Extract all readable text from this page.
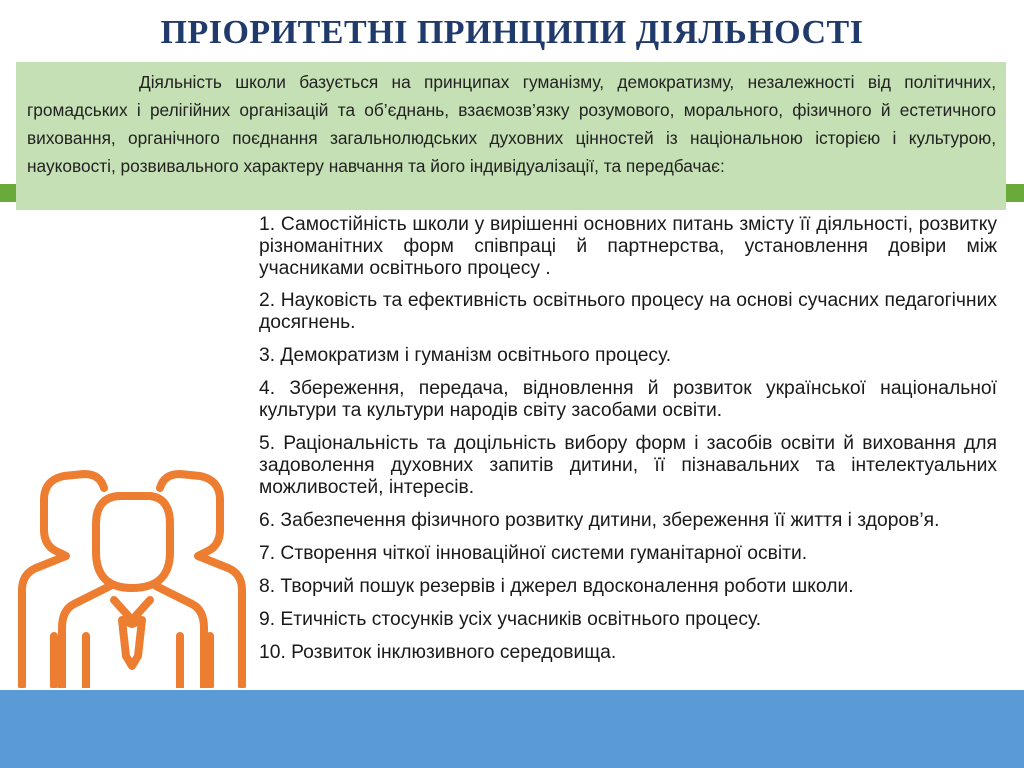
ПРІОРИТЕТНІ ПРИНЦИПИ ДІЯЛЬНОСТІ
Діяльність школи базується на принципах гуманізму, демократизму, незалежності від політичних, громадських і релігійних організацій та об’єднань, взаємозв’язку розумового, морального, фізичного й естетичного виховання, органічного поєднання загальнолюдських духовних цінностей із національною історією і культурою, науковості, розвивального характеру навчання та його індивідуалізації, та передбачає:
1. Самостійність школи у вирішенні основних питань змісту її діяльності, розвитку різноманітних форм співпраці й партнерства, установлення довіри між учасниками освітнього процесу .
2. Науковість та ефективність освітнього процесу на основі сучасних педагогічних досягнень.
3. Демократизм і гуманізм освітнього процесу.
4. Збереження, передача, відновлення й розвиток української національної культури та культури народів світу засобами освіти.
5. Раціональність та доцільність вибору форм і засобів освіти й виховання для задоволення духовних запитів дитини, її пізнавальних та інтелектуальних можливостей, інтересів.
6. Забезпечення фізичного розвитку дитини, збереження її життя і здоров’я.
7. Створення чіткої інноваційної системи гуманітарної освіти.
8. Творчий пошук резервів і джерел вдосконалення роботи школи.
9. Етичність стосунків усіх учасників освітнього процесу.
10. Розвиток інклюзивного середовища.
